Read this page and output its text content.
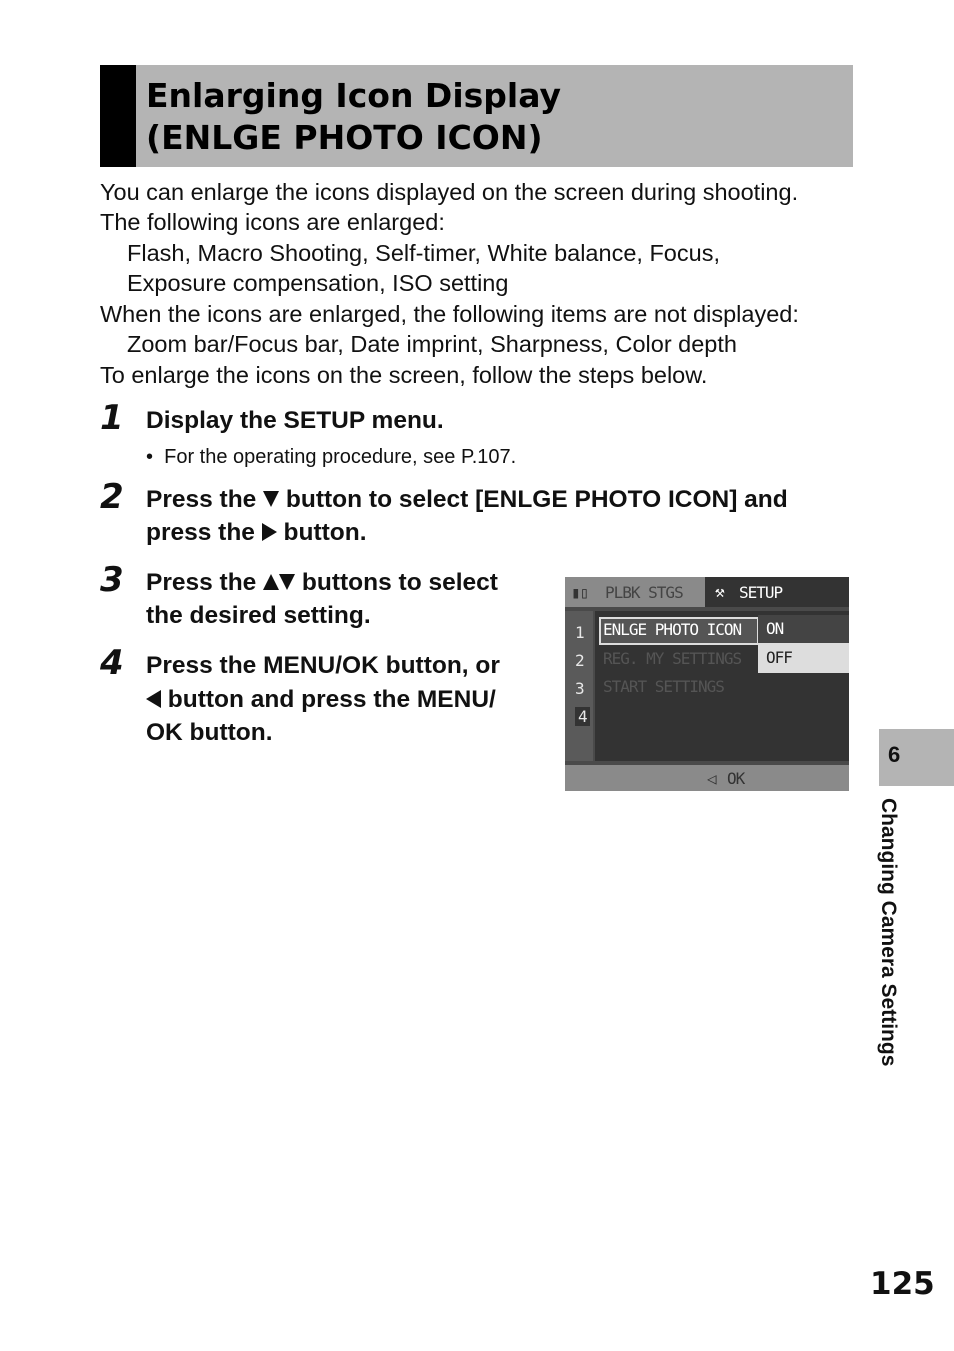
Enlarging Icon Display
(ENLGE PHOTO ICON)
You can enlarge the icons displayed on the screen during shooting.
The following icons are enlarged:
Flash, Macro Shooting, Self-timer, White balance, Focus,
Exposure compensation, ISO setting
When the icons are enlarged, the following items are not displayed:
Zoom bar/Focus bar, Date imprint, Sharpness, Color depth
To enlarge the icons on the screen, follow the steps below.
1 Display the SETUP menu.
•  For the operating procedure, see P.107.
2 Press the  button to select [ENLGE PHOTO ICON] and
press the  button.
3 Press the  buttons to select
the desired setting.
4 Press the MENU/OK button, or
button and press the MENU/
OK button.
▮▯ PLBK STGS ⚒ SETUP
1
2
3
4
ENLGE PHOTO ICON
REG. MY SETTINGS
START SETTINGS
ON
OFF
◁ OK
6
Changing Camera Settings
125
